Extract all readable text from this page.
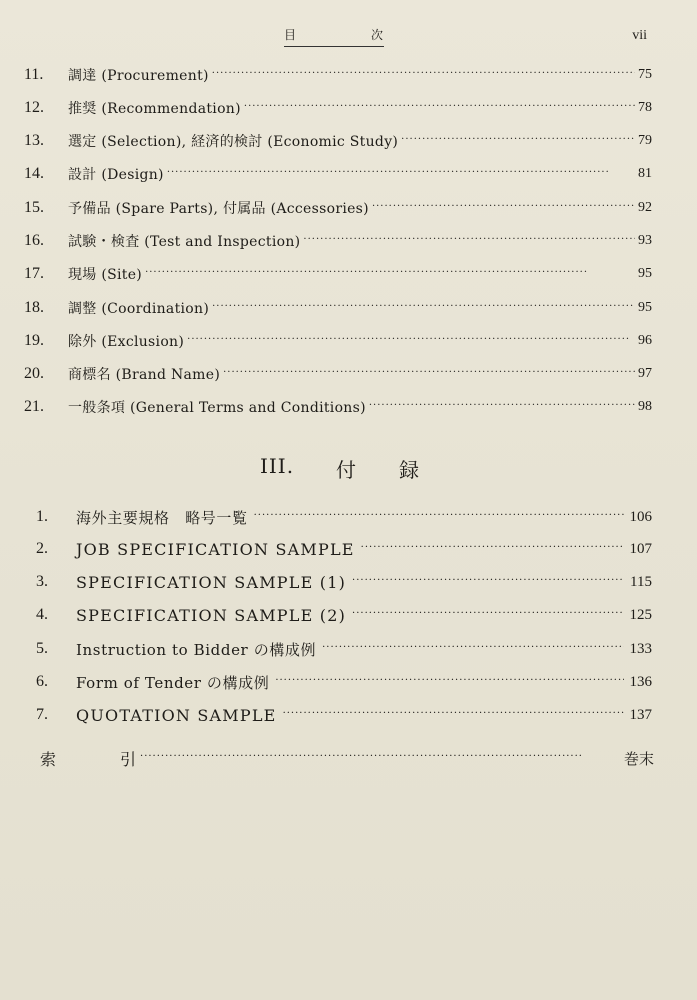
目	次	vii
11.	調達 (Procurement) ·····	75
12.	推奨 (Recommendation) ·····	78
13.	選定 (Selection), 経済的検討 (Economic Study) ·····	79
14.	設計 (Design) ·····	81
15.	予備品 (Spare Parts), 付属品 (Accessories) ·····	92
16.	試験・検査 (Test and Inspection) ·····	93
17.	現場 (Site) ·····	95
18.	調整 (Coordination) ·····	95
19.	除外 (Exclusion) ·····	96
20.	商標名 (Brand Name) ·····	97
21.	一般条項 (General Terms and Conditions) ·····	98
III. 付 録
1.	海外主要規格　略号一覧 ·····	106
2.	JOB SPECIFICATION SAMPLE ·····	107
3.	SPECIFICATION SAMPLE (1) ·····	115
4.	SPECIFICATION SAMPLE (2) ·····	125
5.	Instruction to Bidder の構成例 ·····	133
6.	Form of Tender の構成例 ·····	136
7.	QUOTATION SAMPLE ·····	137
索	引 ·····	巻末
